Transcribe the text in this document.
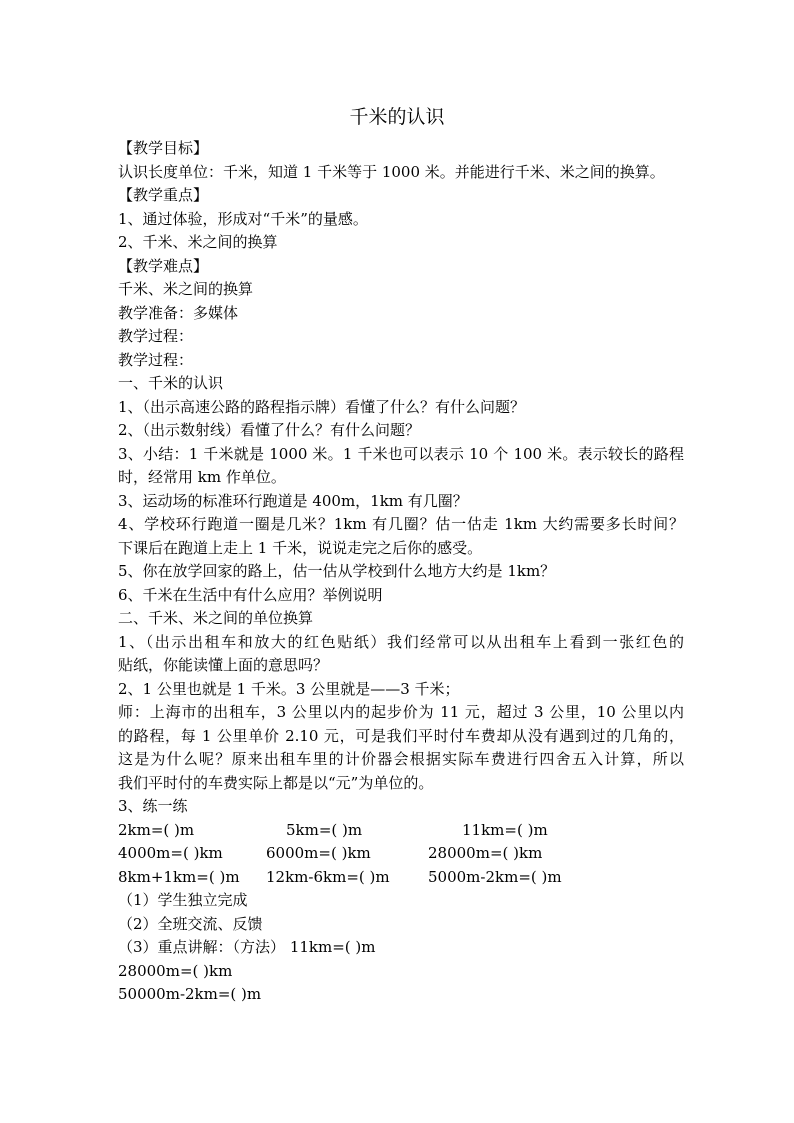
千米的认识
【教学目标】
认识长度单位：千米，知道 1 千米等于 1000 米。并能进行千米、米之间的换算。
【教学重点】
1、通过体验，形成对“千米”的量感。
2、千米、米之间的换算
【教学难点】
千米、米之间的换算
教学准备：多媒体
教学过程：
教学过程：
一、千米的认识
1、（出示高速公路的路程指示牌）看懂了什么？有什么问题？
2、（出示数射线）看懂了什么？有什么问题？
3、小结：1 千米就是 1000 米。1 千米也可以表示 10 个 100 米。表示较长的路程
时，经常用 km 作单位。
3、运动场的标准环行跑道是 400m，1km 有几圈？
4、学校环行跑道一圈是几米？1km 有几圈？估一估走 1km 大约需要多长时间？
下课后在跑道上走上 1 千米，说说走完之后你的感受。
5、你在放学回家的路上，估一估从学校到什么地方大约是 1km？
6、千米在生活中有什么应用？举例说明
二、千米、米之间的单位换算
1、（出示出租车和放大的红色贴纸）我们经常可以从出租车上看到一张红色的
贴纸，你能读懂上面的意思吗？
2、1 公里也就是 1 千米。3 公里就是——3 千米；
师：上海市的出租车，3 公里以内的起步价为 11 元，超过 3 公里，10 公里以内
的路程，每 1 公里单价 2.10 元，可是我们平时付车费却从没有遇到过的几角的，
这是为什么呢？原来出租车里的计价器会根据实际车费进行四舍五入计算，所以
我们平时付的车费实际上都是以“元”为单位的。
3、练一练
2km=( )m	5km=( )m	11km=( )m
4000m=( )km	6000m=( )km	28000m=( )km
8km+1km=( )m 12km-6km=( )m	5000m-2km=( )m
（1）学生独立完成
（2）全班交流、反馈
（3）重点讲解：（方法） 11km=( )m
28000m=( )km
50000m-2km=( )m
